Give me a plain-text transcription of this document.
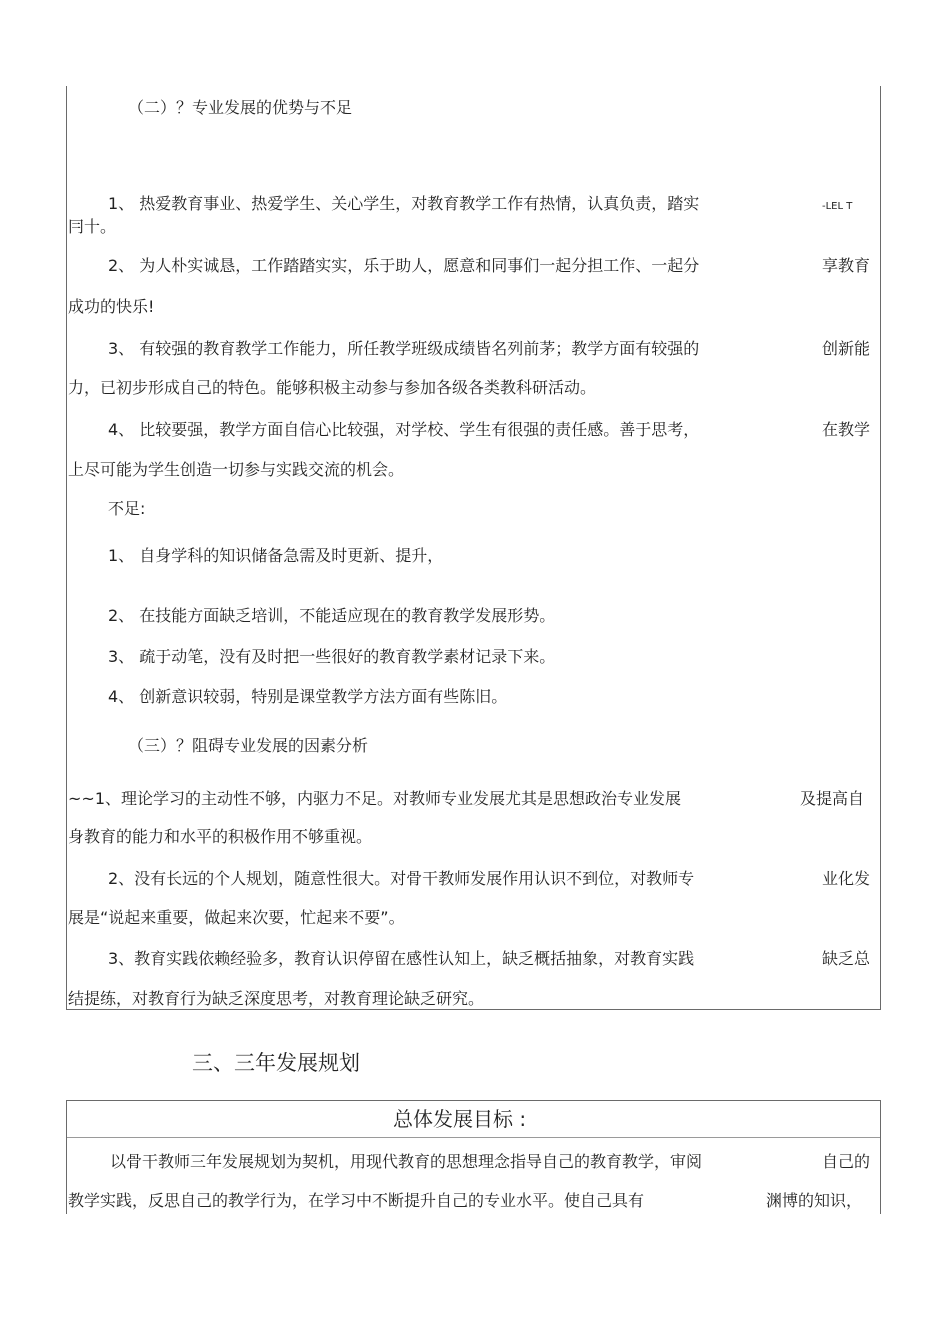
（二）？专业发展的优势与不足
1、 热爱教育事业、热爱学生、关心学生，对教育教学工作有热情，认真负责，踏实	-LEL T
冃十。
2、 为人朴实诚恳，工作踏踏实实，乐于助人，愿意和同事们一起分担工作、一起分	享教育
成功的快乐!
3、 有较强的教育教学工作能力，所任教学班级成绩皆名列前茅；教学方面有较强的	创新能
力，已初步形成自己的特色。能够积极主动参与参加各级各类教科研活动。
4、 比较要强，教学方面自信心比较强，对学校、学生有很强的责任感。善于思考，	在教学
上尽可能为学生创造一切参与实践交流的机会。
不足:
1、 自身学科的知识储备急需及时更新、提升，
2、 在技能方面缺乏培训，不能适应现在的教育教学发展形势。
3、 疏于动笔，没有及时把一些很好的教育教学素材记录下来。
4、 创新意识较弱，特别是课堂教学方法方面有些陈旧。
（三）？阻碍专业发展的因素分析
~~1、理论学习的主动性不够，内驱力不足。对教师专业发展尤其是思想政治专业发展	及提高自
身教育的能力和水平的积极作用不够重视。
2、没有长远的个人规划，随意性很大。对骨干教师发展作用认识不到位，对教师专	业化发
展是“说起来重要，做起来次要，忙起来不要”。
3、教育实践依赖经验多，教育认识停留在感性认知上，缺乏概括抽象，对教育实践	缺乏总
结提练，对教育行为缺乏深度思考，对教育理论缺乏研究。
三、三年发展规划
总体发展目标 :
以骨干教师三年发展规划为契机，用现代教育的思想理念指导自己的教育教学，审阅	自己的
教学实践，反思自己的教学行为，在学习中不断提升自己的专业水平。使自己具有	渊博的知识，
